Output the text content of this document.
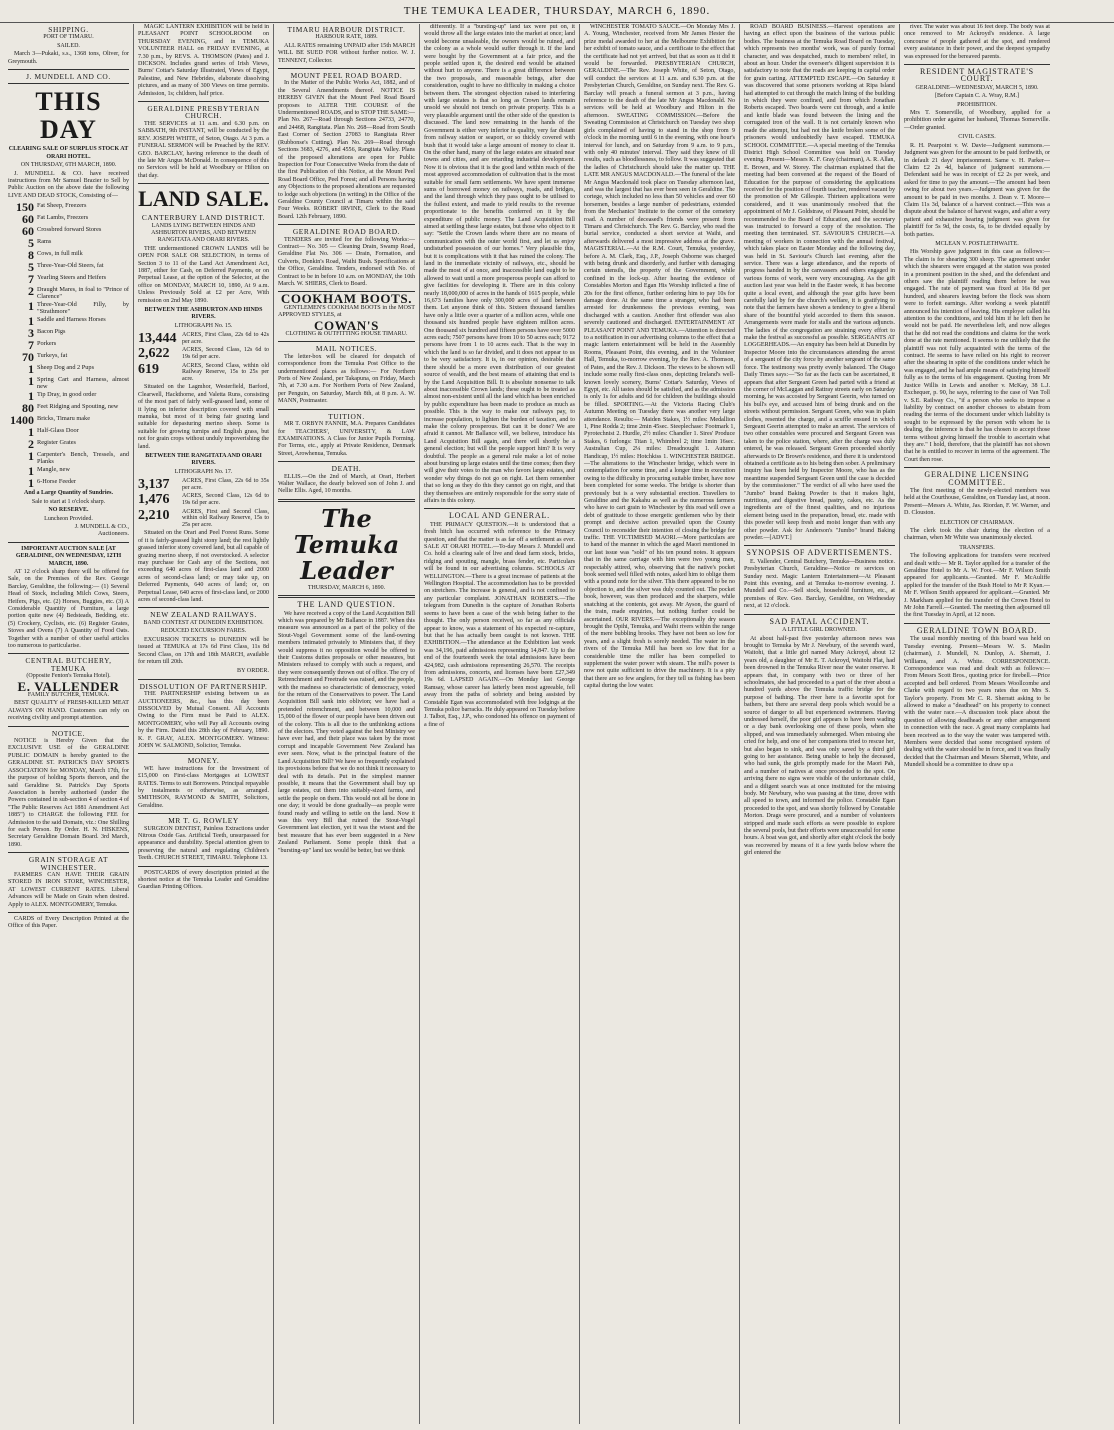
THE TEMUKA LEADER, THURSDAY, MARCH 6, 1890.
SHIPPING.
PORT OF TIMARU.
SAILED.
March 3—Pukaki, s.s., 1368 tons, Oliver, for Greymouth.
J. MUNDELL AND CO.
THIS DAY
CLEARING SALE OF SURPLUS STOCK AT ORARI HOTEL.
ON THURSDAY, 6TH MARCH, 1890.
J. MUNDELL & CO. have received instructions from Mr Samuel Brazier to Sell by Public Auction on the above date the following LIVE AND DEAD STOCK, Consisting of—
150 Fat Sheep, Freezers
60 Fat Lambs, Freezers
60 Crossbred forward Stores
5 Rams
8 Cows, in full milk
5 Three-Year-Old Steers, fat
7 Yearling Steers and Heifers
2 Draught Mares, in foal to "Prince of Clarence"
1 Three-Year-Old Filly, by "Strathmore"
1 Saddle and Harness Horses
3 Bacon Pigs
7 Porkers
70 Turkeys, fat
1 Sheep Dog and 2 Pups
1 Spring Cart and Harness, almost new
1 Tip Dray, in good order
80 Feet Ridging and Spouting, new
1400 Bricks, Timaru make
1 Half-Glass Door
2 Register Grates
1 Carpenter's Bench, Tressels, and Planks
1 Mangle, new
1 6-Horse Feeder
And a Large Quantity of Sundries.
Sale to start at 1 o'clock sharp.
NO RESERVE.
Luncheon Provided.
J. MUNDELL & CO.,
Auctioneers.
IMPORTANT AUCTION SALE [AT GERALDINE, ON WEDNESDAY, 12TH MARCH, 1890.
AT 12 o'clock sharp there will be offered for Sale, on the Premises of the Rev. George Barclay, Geraldine, the following:— (1) Several Head of Stock, including Milch Cows, Steers, Heifers, Pigs, etc. (2) Horses, Buggies, etc. (3) A Considerable Quantity of Furniture, a large portion quite new (4) Bedsteads, Bedding, etc. (5) Crockery, Cyclists, etc. (6) Register Grates, Stoves and Ovens (7) A Quantity of Food Oats. Together with a number of other useful articles too numerous to particularise.
CENTRAL BUTCHERY, TEMUKA
(Opposite Fenton's Temuka Hotel).
E. VALLENDER
FAMILY BUTCHER, TEMUKA.
BEST QUALITY of FRESH-KILLED MEAT ALWAYS ON HAND. Customers can rely on receiving civility and prompt attention.
NOTICE.
NOTICE is Hereby Given that the EXCLUSIVE USE of the GERALDINE PUBLIC DOMAIN is hereby granted to the GERALDINE ST. PATRICK'S DAY SPORTS ASSOCIATION for MONDAY, March 17th, for the purpose of holding Sports thereon, and the said Geraldine St. Patrick's Day Sports Association is hereby authorised (under the Powers contained in sub-section 4 of section 4 of "The Public Reserves Act 1881 Amendment Act 1885") to CHARGE the following FEE for Admission to the said Domain, viz.: One Shilling for each Person. By Order. H. N. HISKENS, Secretary Geraldine Domain Board. 3rd March, 1890.
GRAIN STORAGE AT WINCHESTER.
FARMERS CAN HAVE THEIR GRAIN STORED IN IRON STORE, WINCHESTER, AT LOWEST CURRENT RATES. Liberal Advances will be Made on Grain when desired. Apply to ALEX. MONTGOMERY, Temuka.
CARDS of Every Description Printed at the Office of this Paper.
MAGIC LANTERN EXHIBITION will be held in PLEASANT POINT SCHOOLROOM on THURSDAY EVENING, and in TEMUKA VOLUNTEER HALL on FRIDAY EVENING, at 7.30 p.m., by REVS. A. THOMSON (Pates) and J. DICKSON. Includes grand series of Irish Views, Burns' Cottar's Saturday Illustrated, Views of Egypt, Palestine, and New Hebrides, elaborate dissolving pictures, and as many of 300 Views on time permits. Admission, 1s; children, half price.
GERALDINE PRESBYTERIAN CHURCH.
THE SERVICES at 11 a.m. and 6.30 p.m. on SABBATH, 9th INSTANT, will be conducted by the REV. JOSEPH WHITE, of Seton, Otago. At 3 p.m. a FUNERAL SERMON will be Preached by the REV. GEO. BARCLAY, having reference to the death of the late Mr Angus McDonald. In consequence of this no Services will be held at Woodbury or Hilton on that day.
LAND SALE.
CANTERBURY LAND DISTRICT.
LANDS LYING BETWEEN HINDS AND ASHBURTON RIVERS, AND BETWEEN RANGITATA AND ORARI RIVERS.
THE undermentioned CROWN LANDS will be OPEN FOR SALE OR SELECTION, in terms of Section 3 to 11 of the Land Act Amendment Act, 1887, either for Cash, on Deferred Payments, or on Perpetual Lease, at the option of the Selector, at the office on MONDAY, MARCH 10, 1890, At 9 a.m. Unless Previously Sold at £2 per Acre, With remission on 2nd May 1890.
BETWEEN THE ASHBURTON AND HINDS RIVERS.
LITHOGRAPH No. 15.
13,444 ACRES, First Class, 22s 6d to 42s per acre.
2,622	ACRES, Second Class, 12s 6d to 19s 6d per acre.
619	ACRES, Second Class, within old Railway Reserve, 15s to 25s per acre.
Situated on the Lagmhor, Westerfield, Barford, Clearwell, Hackthorne, and Valetta Runs, consisting of the most part of fairly well-grassed land, some of it lying on inferior description covered with small manuka, but most of it being fair grazing land suitable for depasturing merino sheep. Some is suitable for growing turnips and English grass, but not for grain crops without unduly impoverishing the land.
BETWEEN THE RANGITATA AND ORARI RIVERS.
LITHOGRAPH No. 17.
3,137	ACRES, First Class, 22s 6d to 35s per acre.
1,476	ACRES, Second Class, 12s 6d to 19s 6d per acre.
2,210	ACRES, First and Second Class, within old Railway Reserve, 15s to 25s per acre.
Situated on the Orari and Peel Forest Runs. Some of it is fairly-grassed light stony land; the rest lightly grassed inferior stony covered land, but all capable of grazing merino sheep, if not overstocked. A selector may purchase for Cash any of the Sections, not exceeding 640 acres of first-class land and 2000 acres of second-class land; or may take up, on Deferred Payments, 640 acres of land; or, on Perpetual Lease, 640 acres of first-class land, or 2000 acres of second-class land.
NEW ZEALAND RAILWAYS.
BAND CONTEST AT DUNEDIN EXHIBITION.
REDUCED EXCURSION FARES.
EXCURSION TICKETS to DUNEDIN will be issued at TEMUKA at 17s 6d First Class, 11s 8d Second Class, on 17th and 18th MARCH, available for return till 20th.
BY ORDER.
DISSOLUTION OF PARTNERSHIP.
THE PARTNERSHIP existing between us as AUCTIONEERS, &c., has this day been DISSOLVED by Mutual Consent. All Accounts Owing to the Firm must be Paid to ALEX. MONTGOMERY, who will Pay all Accounts owing by the Firm. Dated this 28th day of February, 1890. K. F. GRAY, ALEX. MONTGOMERY. Witness: JOHN W. SALMOND, Solicitor, Temuka.
MONEY.
WE have instructions for the Investment of £15,000 on First-class Mortgages at LOWEST RATES. Terms to suit Borrowers. Principal repayable by instalments or otherwise, as arranged. SMITHSON, RAYMOND & SMITH, Solicitors, Geraldine.
MR T. G. ROWLEY
SURGEON DENTIST, Painless Extractions under Nitrous Oxide Gas. Artificial Teeth, unsurpassed for appearance and durability. Special attention given to preserving the natural and regulating Children's Teeth. CHURCH STREET, TIMARU. Telephone 13.
POSTCARDS of every description printed at the shortest notice at the Temuka Leader and Geraldine Guardian Printing Offices.
TIMARU HARBOUR DISTRICT.
HARBOUR RATE, 1889.
ALL RATES remaining UNPAID after 15th MARCH WILL BE SUED FOR without further notice. W. J. TENNENT, Collector.
MOUNT PEEL ROAD BOARD.
In the Matter of the Public Works Act, 1882, and of the Several Amendments thereof. NOTICE IS HEREBY GIVEN that the Mount Peel Road Board proposes to ALTER THE COURSE of the Undermentioned ROADS, and to STOP THE SAME:— Plan No. 267—Road through Sections 24733, 24770, and 24468, Rangitata. Plan No. 268—Road from South East Corner of Section 27083 to Rangitata River (Rubbonse's Cutting). Plan No. 269—Road through Sections 3683, 4276, and 4556, Rangitata Valley. Plans of the proposed alterations are open for Public Inspection for Four Consecutive Weeks from the date of the first Publication of this Notice, at the Mount Peel Road Board Office, Peel Forest; and all Persons having any Objections to the proposed alterations are requested to lodge such objections (in writing) in the Office of the Geraldine County Council at Timaru within the said Four Weeks. ROBERT IRVINE, Clerk to the Road Board. 12th February, 1890.
GERALDINE ROAD BOARD.
TENDERS are invited for the following Works:— Contract— No. 305 — Cleaning Drain, Swamp Road, Geraldine Flat No. 306 — Drain, Formation, and Culverts, Donkin's Road, Waihi Bush. Specifications at the Office, Geraldine. Tenders, endorsed with No. of Contract to be in before 10 a.m. on MONDAY, the 10th March. W. SHIERS, Clerk to Board.
COOKHAM BOOTS.
GENTLEMEN'S COOKHAM BOOTS in the MOST APPROVED STYLES, at
COWAN'S
CLOTHING & OUTFITTING HOUSE TIMARU.
MAIL NOTICES.
The letter-box will be cleared for despatch of correspondence from the Temuka Post Office to the undermentioned places as follows:— For Northern Ports of New Zealand, per Takapuna, on Friday, March 7th, at 7.30 a.m. For Northern Ports of New Zealand, per Penguin, on Saturday, March 8th, at 8 p.m. A. W. MANN, Postmaster.
TUITION.
MR T. ORBYN FANNIE, M.A. Prepares Candidates for TEACHERS', UNIVERSITY, & LAW EXAMINATIONS. A Class for Junior Pupils Forming. For Terms, etc., apply at Private Residence, Denmark Street, Arowhenua, Temuka.
DEATH.
ELLIS.—On the 2nd of March, at Orari, Herbert Walter Wallace, the dearly beloved son of John J. and Nellie Ellis. Aged, 10 months.
The Temuka Leader
THURSDAY, MARCH 6, 1890.
THE LAND QUESTION.
We have received a copy of the Land Acquisition Bill which was prepared by Mr Ballance in 1887. When this measure was announced as a part of the policy of the Stout-Vogel Government some of the land-owning members intimated privately to Ministers that, if they would suppress it no opposition would be offered to their Customs duties proposals or other measures, but Ministers refused to comply with such a request, and they were consequently thrown out of office. The cry of Retrenchment and Freetrade was raised, and the people, with the madness so characteristic of democracy, voted for the return of the Conservatives to power. The Land Acquisition Bill sank into oblivion; we have had a pretended retrenchment, and between 10,000 and 15,000 of the flower of our people have been driven out of the colony. This is all due to the unthinking actions of the electors. They voted against the best Ministry we have ever had, and their place was taken by the most corrupt and incapable Government New Zealand has ever seen. Now, what is the principal feature of the Land Acquisition Bill? We have so frequently explained its provisions before that we do not think it necessary to deal with its details. Put in the simplest manner possible, it means that the Government shall buy up large estates, cut them into suitably-sized farms, and settle the people on them. This would not all be done in one day; it would be done gradually—as people were found ready and willing to settle on the land. Now it was this very Bill that ruined the Stout-Vogel Government last election, yet it was the wisest and the best measure that has ever been suggested in a New Zealand Parliament. Some people think that a "bursting-up" land tax would be better, but we think
differently. If a "bursting-up" land tax were put on, it would throw all the large estates into the market at once; land would become unsaleable, the owners would be ruined, and the colony as a whole would suffer through it. If the land were bought by the Government at a fair price, and the people settled upon it, the desired end would be attained without hurt to anyone. There is a great difference between the two proposals, and reasonable beings, after due consideration, ought to have no difficulty in making a choice between them. The strongest objection raised to interfering with large estates is that so long as Crown lands remain unsold we should not trench on private property. This is a very plausible argument until the other side of the question is discussed. The land now remaining in the hands of the Government is either very inferior in quality, very far distant from railway station or seaport, or so thickly covered with bush that it would take a large amount of money to clear it. On the other hand, many of the large estates are situated near towns and cities, and are retarding industrial development. Now it is obvious that it is the good land within reach of the most approved accommodation of cultivation that is the most suitable for small farm settlements. We have spent immense sums of borrowed money on railways, roads, and bridges, and the land through which they pass ought to be utilised to the fullest extent, and made to yield results to the revenue proportionate to the benefits conferred on it by the expenditure of public money. The Land Acquisition Bill aimed at settling these large estates, but those who object to it say: "Settle the Crown lands where there are no means of communication with the outer world first, and let us enjoy undisturbed possession of our homes." Very plausible this, but it is complications with it that has ruined the colony. The land in the immediate vicinity of railways, etc., should be made the most of at once, and inaccessible land ought to be allowed to wait until a more prosperous people can afford to give facilities for developing it. There are in this colony nearly 18,000,000 of acres in the hands of 1615 people, while 16,673 families have only 300,000 acres of land between them. Let anyone think of this. Sixteen thousand families have only a little over a quarter of a million acres, while one thousand six hundred people have eighteen million acres. One thousand six hundred and fifteen persons have over 5000 acres each; 7507 persons have from 10 to 50 acres each; 9172 persons have from 1 to 10 acres each. That is the way in which the land is so far divided, and it does not appear to us to be very satisfactory. It is, in our opinion, desirable that there should be a more even distribution of our greatest source of wealth, and the best means of attaining that end is by the Land Acquisition Bill. It is absolute nonsense to talk about inaccessible Crown lands; these ought to be treated as almost non-existent until all the land which has been enriched by public expenditure has been made to produce as much as possible. This is the way to make our railways pay, to increase population, to lighten the burden of taxation, and to make the colony prosperous. But can it be done? We are afraid it cannot. Mr Ballance will, we believe, introduce his Land Acquisition Bill again, and there will shortly be a general election; but will the people support him? It is very doubtful. The people as a general rule make a lot of noise about bursting up large estates until the time comes; then they will give their votes to the man who favors large estates, and wonder why things do not go on right. Let them remember that so long as they do this they cannot go on right, and that they themselves are entirely responsible for the sorry state of affairs in this colony.
LOCAL AND GENERAL.
THE PRIMACY QUESTION.—It is understood that a fresh hitch has occurred with reference to the Primacy question, and that the matter is as far off a settlement as ever. SALE AT ORARI HOTEL.—To-day Messrs J. Mundell and Co. hold a clearing sale of live and dead farm stock, bricks, ridging and spouting, mangle, brass fender, etc. Particulars will be found in our advertising columns. SCHOOLS AT WELLINGTON.—There is a great increase of patients at the Wellington Hospital. The accommodation has to be provided on stretchers. The increase is general, and is not confined to any particular complaint. JONATHAN ROBERTS.—The telegram from Dunedin is the capture of Jonathan Roberts seems to have been a case of the wish being father to the thought. The only person received, so far as any officials appear to know, was a statement of his expected re-capture, but that he has actually been caught is not known. THE EXHIBITION.—The attendance at the Exhibition last week was 34,196, paid admissions representing 14,847. Up to the end of the fourteenth week the total admissions have been 424,982, cash admissions representing 26,570. The receipts from admissions, concerts, and licenses have been £27,349 19s 6d. LAPSED AGAIN.—On Monday last George Ramsay, whose career has latterly been most agreeable, fell away from the paths of sobriety and being assisted by Constable Egan was accommodated with free lodgings at the Temuka police barracks. He duly appeared on Tuesday before J. Talbot, Esq., J.P., who condoned his offence on payment of a fine of
WINCHESTER TOMATO SAUCE.—On Monday Mrs J. A. Young, Winchester, received from Mr James Hester the prize medal awarded to her at the Melbourne Exhibition for her exhibit of tomato sauce, and a certificate to the effect that the certificate had not yet arrived, but that as soon as it did it would be forwarded. PRESBYTERIAN CHURCH, GERALDINE.—The Rev. Joseph White, of Seton, Otago, will conduct the services at 11 a.m. and 6.30 p.m. at the Presbyterian Church, Geraldine, on Sunday next. The Rev. G. Barclay will preach a funeral sermon at 3 p.m., having reference to the death of the late Mr Angus Macdonald. No services will be held at Woodbury and Hilton in the afternoon. SWEATING COMMISSION.—Before the Sweating Commission at Christchurch on Tuesday two shop girls complained of having to stand in the shop from 9 o'clock in the morning until 6 in the evening, with one hour's interval for lunch, and on Saturday from 9 a.m. to 9 p.m., with only 40 minutes' interval. They said they knew of ill results, such as bloodlessness, to follow. It was suggested that the ladies of Christchurch should take the matter up. THE LATE MR ANGUS MACDONALD.—The funeral of the late Mr Angus Macdonald took place on Tuesday afternoon last, and was the largest that has ever been seen in Geraldine. The cortege, which included no less than 50 vehicles and over 60 horsemen, besides a large number of pedestrians, extended from the Mechanics' Institute to the corner of the cemetery road. A number of deceased's friends were present from Timaru and Christchurch. The Rev. G. Barclay, who read the burial service, conducted a short service at Waihi, and afterwards delivered a most impressive address at the grave. MAGISTERIAL.—At the R.M. Court, Temuka, yesterday, before A. M. Clark, Esq., J.P., Joseph Osborne was charged with being drunk and disorderly, and further with damaging certain utensils, the property of the Government, while confined in the lock-up. After hearing the evidence of Constables Morton and Egan His Worship inflicted a fine of 20s for the first offence, further ordering him to pay 10s for damage done. At the same time a stranger, who had been arrested for drunkenness the previous evening, was discharged with a caution. Another first offender was also severely cautioned and discharged. ENTERTAINMENT AT PLEASANT POINT AND TEMUKA.—Attention is directed to a notification in our advertising columns to the effect that a magic lantern entertainment will be held in the Assembly Rooms, Pleasant Point, this evening, and in the Volunteer Hall, Temuka, to-morrow evening, by the Rev. A. Thomson, of Pates, and the Rev. J. Dickson. The views to be shown will include some really first-class ones, depicting Ireland's well-known lovely scenery, Burns' Cottar's Saturday, Views of Egypt, etc. All tastes should be satisfied, and as the admission is only 1s for adults and 6d for children the buildings should be filled. SPORTING.—At the Victoria Racing Club's Autumn Meeting on Tuesday there was another very large attendance. Results:— Maiden Stakes, 1½ miles: Medallion 1, Pine Rodda 2; time 2min 45sec. Steeplechase: Footmark 1, Pyrotechnist 2. Hurdle, 2½ miles: Chandler 1. Sires' Produce Stakes, 6 furlongs: Titan 1, Whimbrel 2; time 1min 16sec. Australian Cup, 2¼ miles: Dreadnought 1. Autumn Handicap, 1½ miles: Hotchkiss 1. WINCHESTER BRIDGE.—The alterations to the Winchester bridge, which were in contemplation for some time, and a longer time in execution owing to the difficulty in procuring suitable timber, have now been completed for some weeks. The bridge is shorter than previously but is a very substantial erection. Travellers to Geraldine and the Kakahu as well as the numerous farmers who have to cart grain to Winchester by this road will owe a debt of gratitude to those energetic gentlemen who by their prompt and decisive action prevailed upon the County Council to reconsider their intention of closing the bridge for traffic. THE VICTIMISED MAORI.—More particulars are to hand of the manner in which the aged Maori mentioned in our last issue was "sold" of his ten pound notes. It appears that in the same carriage with him were two young men, respectably attired, who, observing that the native's pocket book seemed well filled with notes, asked him to oblige them with a pound note for the silver. This there appeared to be no objection to, and the silver was duly counted out. The pocket book, however, was then produced and the sharpers, while snatching at the contents, got away. Mr Ayson, the guard of the train, made enquiries, but nothing further could be ascertained. OUR RIVERS.—The exceptionally dry season brought the Opihi, Temuka, and Waihi rivers within the range of the mere bubbling brooks. They have not been so low for years, and a slight fresh is sorely needed. The water in the rivers of the Temuka Mill has been so low that for a considerable time the miller has been compelled to supplement the water power with steam. The mill's power is now not quite sufficient to drive the machinery. It is a pity that there are so few anglers, for they tell us fishing has been capital during the low water.
ROAD BOARD BUSINESS.—Harvest operations are having an effect upon the business of the various public bodies. The business at the Temuka Road Board on Tuesday, which represents two months' work, was of purely formal character, and was despatched, much to members' relief, in about an hour. Under the overseer's diligent supervision it is satisfactory to note that the roads are keeping in capital order for grain carting. ATTEMPTED ESCAPE.—On Saturday it was discovered that some prisoners working at Ripa Island had attempted to cut through the match lining of the building in which they were confined, and from which Jonathan Roberts escaped. Two boards were cut through, and a knife and knife blade was found between the lining and the corrugated iron of the wall. It is not certainly known who made the attempt, but had not the knife broken some of the prisoners would undoubtedly have escaped. TEMUKA SCHOOL COMMITTEE.—A special meeting of the Temuka District High School Committee was held on Tuesday evening. Present—Messrs K. F. Gray (chairman), A. R. Allan, E. Brown, and W. Storey. The chairman explained that the meeting had been convened at the request of the Board of Education for the purpose of considering the applications received for the position of fourth teacher, rendered vacant by the promotion of Mr Gillespie. Thirteen applications were considered, and it was unanimously resolved that the appointment of Mr J. Goldstraw, of Pleasant Point, should be recommended to the Board of Education, and the secretary was instructed to forward a copy of the resolution. The meeting then terminated. ST. SAVIOUR'S CHURCH.—A meeting of workers in connection with the annual festival, which takes place on Easter Monday and the following day, was held in St. Saviour's Church last evening, after the service. There was a large attendance, and the reports of progress handed in by the canvassers and others engaged in various forms of work, were very encouraging. As the gift auction last year was held in the Easter week, it has become quite a local event, and although the year gifts have been carefully laid by for the church's welfare, it is gratifying to note that the farmers have shown a tendency to give a liberal share of the bountiful yield accorded to them this season. Arrangements were made for stalls and the various adjuncts. The ladies of the congregation are straining every effort to make the festival as successful as possible. SERGEANTS AT LOGGERHEADS.—An enquiry has been held at Dunedin by Inspector Moore into the circumstances attending the arrest of a sergeant of the city force by another sergeant of the same force. The testimony was pretty evenly balanced. The Otago Daily Times says:—"So far as the facts can be ascertained, it appears that after Sergeant Green had parted with a friend at the corner of McLaggan and Rattray streets early on Saturday morning, he was accosted by Sergeant Geerin, who turned on his bull's eye, and accused him of being drunk and on the streets without permission. Sergeant Green, who was in plain clothes, resented the charge, and a scuffle ensued in which Sergeant Geerin attempted to make an arrest. The services of two other constables were procured and Sergeant Green was taken to the police station, where, after the charge was duly entered, he was released. Sergeant Green proceeded shortly afterwards to Dr Brown's residence, and there it is understood obtained a certificate as to his being then sober. A preliminary inquiry has been held by Inspector Moore, who has as the meantime suspended Sergeant Green until the case is decided by the commissioner." The verdict of all who have used the "Jumbo" brand Baking Powder is that it makes light, nutritious, and digestive bread, pastry, cakes, etc. As the ingredients are of the finest qualities, and no injurious element being used in the preparation, bread, etc. made with this powder will keep fresh and moist longer than with any other powder. Ask for Anderson's "Jumbo" brand Baking powder.—[ADVT.]
SYNOPSIS OF ADVERTISEMENTS.
E. Vallender, Central Butchery, Temuka—Business notice. Presbyterian Church, Geraldine—Notice re services on Sunday next. Magic Lantern Entertainment—At Pleasant Point this evening, and at Temuka to-morrow evening. J. Mundell and Co.—Sell stock, household furniture, etc., at premises of Rev. Geo. Barclay, Geraldine, on Wednesday next, at 12 o'clock.
SAD FATAL ACCIDENT.
A LITTLE GIRL DROWNED.
At about half-past five yesterday afternoon news was brought to Temuka by Mr J. Newbury, of the seventh ward, Waitohi, that a little girl named Mary Ackroyd, about 12 years old, a daughter of Mr E. T. Ackroyd, Waitohi Flat, had been drowned in the Temuka River near the water reserve. It appears that, in company with two or three of her schoolmates, she had proceeded to a part of the river about a hundred yards above the Temuka traffic bridge for the purpose of bathing. The river here is a favorite spot for bathers, but there are several deep pools which would be a source of danger to all but experienced swimmers. Having undressed herself, the poor girl appears to have been wading or a day bank overlooking one of these pools, when she slipped, and was immediately submerged. When missing she cried for help, and one of her companions tried to rescue her, but also began to sink, and was only saved by a third girl going to her assistance. Being unable to help the deceased, who had sunk, the girls promptly made for the Maori Pah, and a number of natives at once proceeded to the spot. On arriving there no signs were visible of the unfortunate child, and a diligent search was at once instituted for the missing body. Mr Newbury, who was passing at the time, drove with all speed to town, and informed the police. Constable Egan proceeded to the spot, and was shortly followed by Constable Morton. Drags were procured, and a number of volunteers stripped and made such efforts as were possible to explore the several pools, but their efforts were unsuccessful for some hours. A boat was got, and shortly after eight o'clock the body was recovered by means of it a few yards below where the girl entered the
river. The water was about 16 feet deep. The body was at once removed to Mr Ackroyd's residence. A large concourse of people gathered at the spot, and rendered every assistance in their power, and the deepest sympathy was expressed for the bereaved parents.
RESIDENT MAGISTRATE'S COURT.
GERALDINE—WEDNESDAY, MARCH 5, 1890.
[Before Captain C. A. Wray, R.M.]
PROHIBITION.
Mrs T. Somerville, of Woodbury, applied for a prohibition order against her husband, Thomas Somerville.—Order granted.
CIVIL CASES.
R. H. Pearpoint v. W. Davie—Judgment summons.—Judgment was given for the amount to be paid forthwith, or in default 21 days' imprisonment. Same v. H. Parker—Claim £2 2s 4d, balance of judgment summons.—Defendant said he was in receipt of £2 2s per week, and asked for time to pay the amount.—The amount had been owing for about two years.—Judgment was given for the amount to be paid in two months. J. Dean v. T. Moore—Claim 11s 3d, balance of a harvest contract.—This was a dispute about the balance of harvest wages, and after a very patient and exhaustive hearing judgment was given for plaintiff for 5s 9d, the costs, 6s, to be divided equally by both parties.
MCLEAN V. POSTLETHWAITE.
His Worship gave judgment in this case as follows:—The claim is for shearing 300 sheep. The agreement under which the shearers were engaged at the station was posted in a prominent position in the shed, and the defendant and others saw the plaintiff reading them before he was engaged. The rate of payment was fixed at 16s 8d per hundred, and shearers leaving before the flock was shorn were to forfeit earnings. After working a week plaintiff announced his intention of leaving. His employer called his attention to the conditions, and told him if he left then he would not be paid. He nevertheless left, and now alleges that he did not read the conditions and claims for the work done at the rate mentioned. It seems to me unlikely that the plaintiff was not fully acquainted with the terms of the contract. He seems to have relied on his right to recover after the shearing in spite of the conditions under which he was engaged, and he had ample means of satisfying himself fully as to the terms of his engagement. Quoting from Mr Justice Willis in Lewis and another v. McKay, 38 L.J. Exchequer, p. 90, he says, referring to the case of Van Toll v. S.E. Railway Co., "if a person who seeks to impose a liability by contract on another chooses to abstain from reading the terms of the document under which liability is sought to be expressed by the person with whom he is dealing, the inference is that he has chosen to accept those terms without giving himself the trouble to ascertain what they are." I hold, therefore, that the plaintiff has not shown that he is entitled to recover in terms of the agreement. The Court then rose.
GERALDINE LICENSING COMMITTEE.
The first meeting of the newly-elected members was held at the Courthouse, Geraldine, on Tuesday last, at noon. Present—Messrs A. White, Jas. Riordan, F. W. Warner, and D. Clouston.
ELECTION OF CHAIRMAN.
The clerk took the chair during the election of a chairman, when Mr White was unanimously elected.
TRANSFERS.
The following applications for transfers were received and dealt with:— Mr R. Taylor applied for a transfer of the Geraldine Hotel to Mr A. W. Foot.—Mr F. Wilson Smith appeared for applicants.—Granted. Mr F. McAuliffe applied for the transfer of the Bush Hotel to Mr P. Kyan.—Mr F. Wilson Smith appeared for applicant.—Granted. Mr J. Markham applied for the transfer of the Crown Hotel to Mr John Farrell.—Granted. The meeting then adjourned till the first Tuesday in April, at 12 noon.
GERALDINE TOWN BOARD.
The usual monthly meeting of this board was held on Tuesday evening. Present—Messrs W. S. Maslin (chairman), J. Mundell, N. Dunlop, A. Sherratt, J. Williams, and A. White. CORRESPONDENCE. Correspondence was read and dealt with as follows:— From Messrs Scott Bros., quoting price for firebell.—Price accepted and bell ordered. From Messrs Woollcombe and Clarke with regard to two years rates due on Mrs S. Taylor's property. From Mr C. R. Sherratt asking to be allowed to make a "deadhead" on his property to connect with the water race.—A discussion took place about the question of allowing deadheads or any other arrangement in connection with the race. A great many complaints had been received as to the way the water was tampered with. Members were decided that some recognised system of dealing with the water should be in force, and it was finally decided that the Chairman and Messrs Sherratt, White, and Mundell should be a committee to draw up a
